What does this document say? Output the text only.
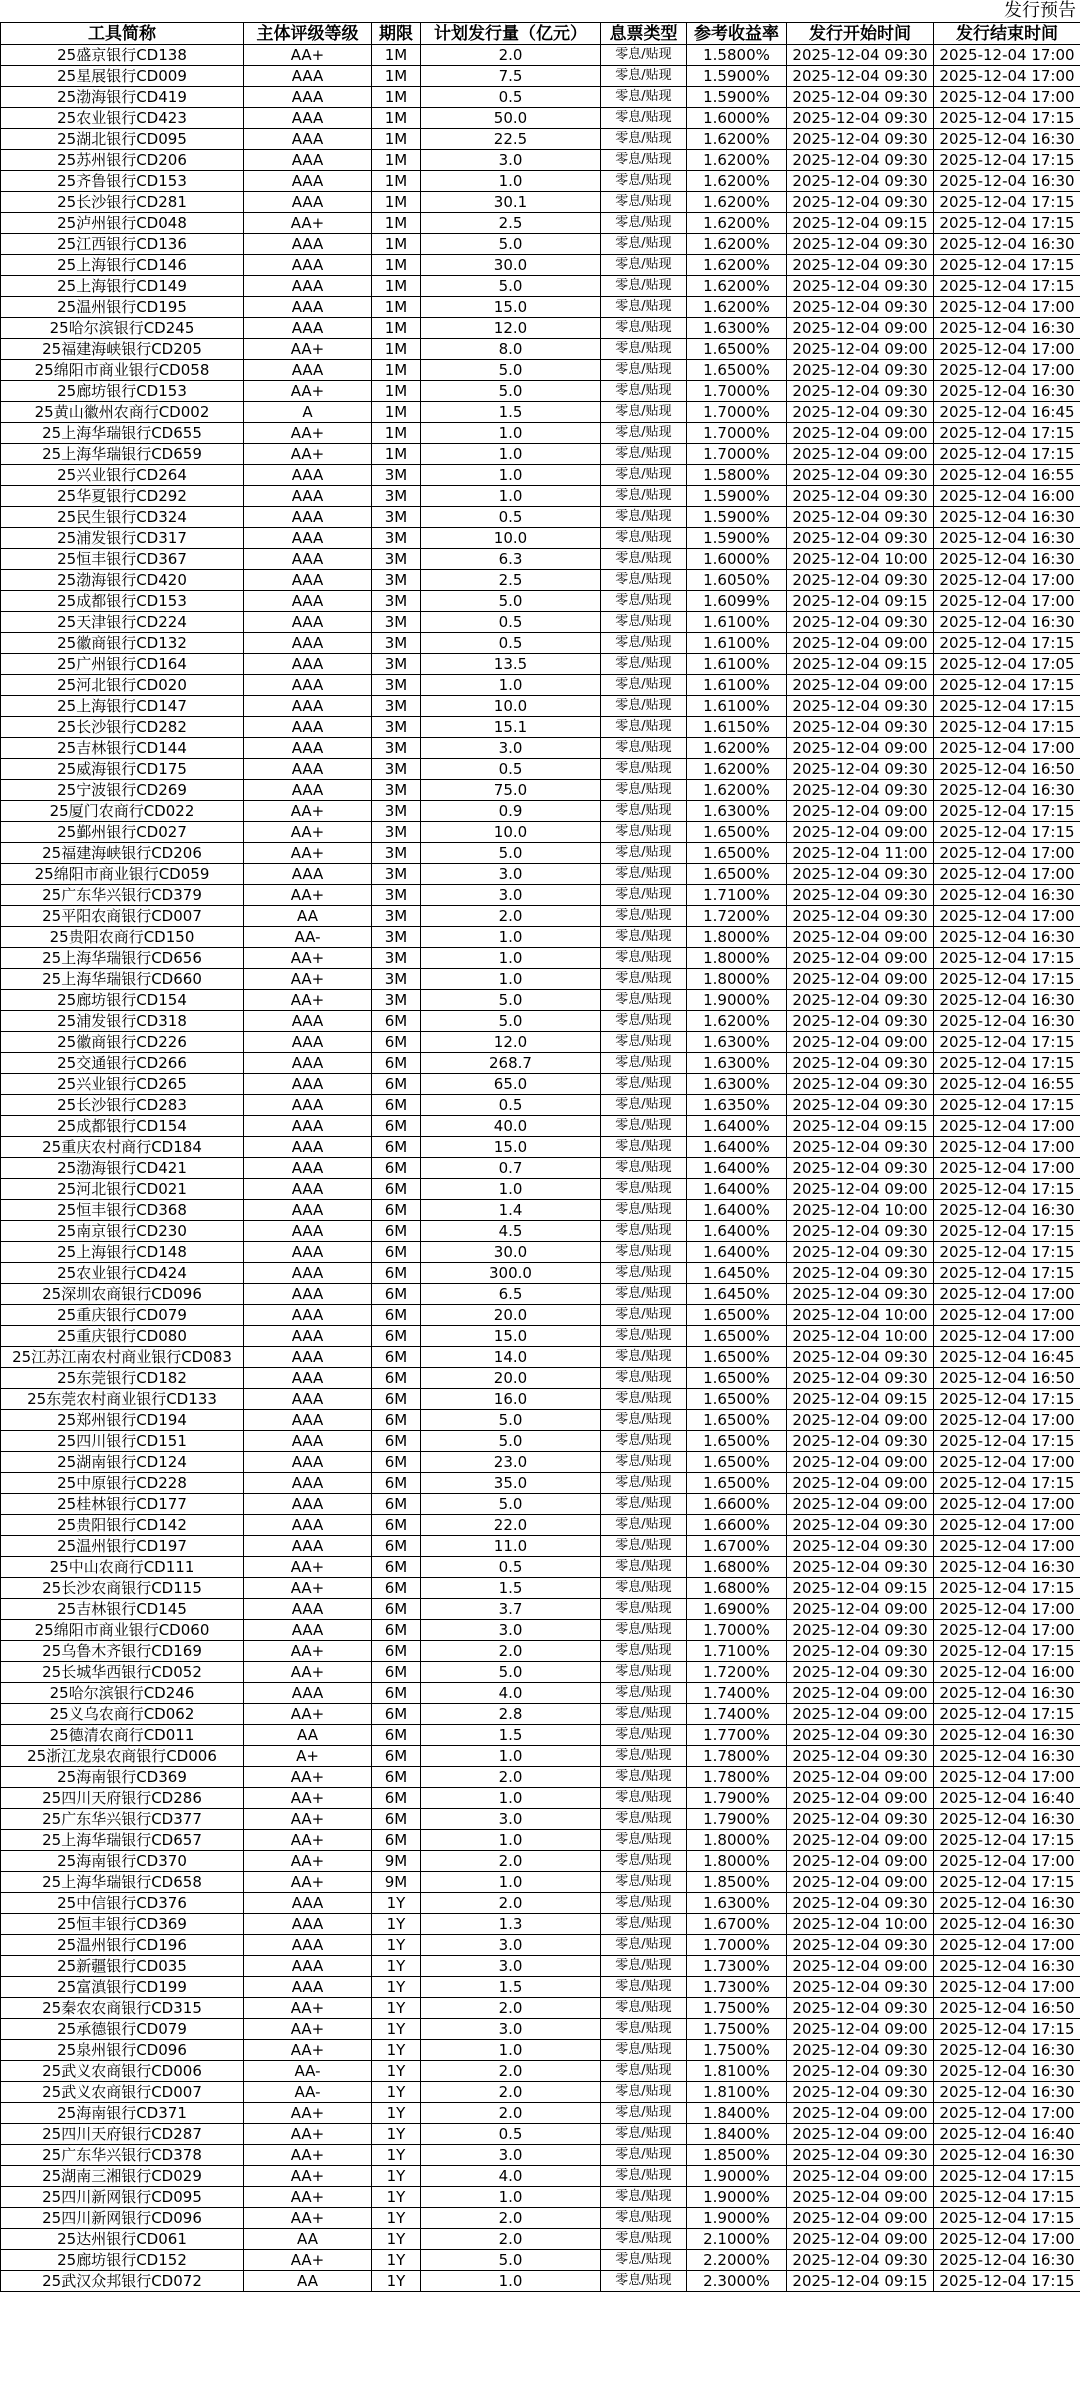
发行预告
工具简称	主体评级等级	期限	计划发行量（亿元）	息票类型	参考收益率	发行开始时间	发行结束时间
25盛京银行CD138	AA+	1M	2.0	零息/贴现	1.5800%	2025-12-04 09:30	2025-12-04 17:00
25星展银行CD009	AAA	1M	7.5	零息/贴现	1.5900%	2025-12-04 09:30	2025-12-04 17:00
25渤海银行CD419	AAA	1M	0.5	零息/贴现	1.5900%	2025-12-04 09:30	2025-12-04 17:00
25农业银行CD423	AAA	1M	50.0	零息/贴现	1.6000%	2025-12-04 09:30	2025-12-04 17:15
25湖北银行CD095	AAA	1M	22.5	零息/贴现	1.6200%	2025-12-04 09:30	2025-12-04 16:30
25苏州银行CD206	AAA	1M	3.0	零息/贴现	1.6200%	2025-12-04 09:30	2025-12-04 17:15
25齐鲁银行CD153	AAA	1M	1.0	零息/贴现	1.6200%	2025-12-04 09:30	2025-12-04 16:30
25长沙银行CD281	AAA	1M	30.1	零息/贴现	1.6200%	2025-12-04 09:30	2025-12-04 17:15
25泸州银行CD048	AA+	1M	2.5	零息/贴现	1.6200%	2025-12-04 09:15	2025-12-04 17:15
25江西银行CD136	AAA	1M	5.0	零息/贴现	1.6200%	2025-12-04 09:30	2025-12-04 16:30
25上海银行CD146	AAA	1M	30.0	零息/贴现	1.6200%	2025-12-04 09:30	2025-12-04 17:15
25上海银行CD149	AAA	1M	5.0	零息/贴现	1.6200%	2025-12-04 09:30	2025-12-04 17:15
25温州银行CD195	AAA	1M	15.0	零息/贴现	1.6200%	2025-12-04 09:30	2025-12-04 17:00
25哈尔滨银行CD245	AAA	1M	12.0	零息/贴现	1.6300%	2025-12-04 09:00	2025-12-04 16:30
25福建海峡银行CD205	AA+	1M	8.0	零息/贴现	1.6500%	2025-12-04 09:00	2025-12-04 17:00
25绵阳市商业银行CD058	AAA	1M	5.0	零息/贴现	1.6500%	2025-12-04 09:30	2025-12-04 17:00
25廊坊银行CD153	AA+	1M	5.0	零息/贴现	1.7000%	2025-12-04 09:30	2025-12-04 16:30
25黄山徽州农商行CD002	A	1M	1.5	零息/贴现	1.7000%	2025-12-04 09:30	2025-12-04 16:45
25上海华瑞银行CD655	AA+	1M	1.0	零息/贴现	1.7000%	2025-12-04 09:00	2025-12-04 17:15
25上海华瑞银行CD659	AA+	1M	1.0	零息/贴现	1.7000%	2025-12-04 09:00	2025-12-04 17:15
25兴业银行CD264	AAA	3M	1.0	零息/贴现	1.5800%	2025-12-04 09:30	2025-12-04 16:55
25华夏银行CD292	AAA	3M	1.0	零息/贴现	1.5900%	2025-12-04 09:30	2025-12-04 16:00
25民生银行CD324	AAA	3M	0.5	零息/贴现	1.5900%	2025-12-04 09:30	2025-12-04 16:30
25浦发银行CD317	AAA	3M	10.0	零息/贴现	1.5900%	2025-12-04 09:30	2025-12-04 16:30
25恒丰银行CD367	AAA	3M	6.3	零息/贴现	1.6000%	2025-12-04 10:00	2025-12-04 16:30
25渤海银行CD420	AAA	3M	2.5	零息/贴现	1.6050%	2025-12-04 09:30	2025-12-04 17:00
25成都银行CD153	AAA	3M	5.0	零息/贴现	1.6099%	2025-12-04 09:15	2025-12-04 17:00
25天津银行CD224	AAA	3M	0.5	零息/贴现	1.6100%	2025-12-04 09:30	2025-12-04 16:30
25徽商银行CD132	AAA	3M	0.5	零息/贴现	1.6100%	2025-12-04 09:00	2025-12-04 17:15
25广州银行CD164	AAA	3M	13.5	零息/贴现	1.6100%	2025-12-04 09:15	2025-12-04 17:05
25河北银行CD020	AAA	3M	1.0	零息/贴现	1.6100%	2025-12-04 09:00	2025-12-04 17:15
25上海银行CD147	AAA	3M	10.0	零息/贴现	1.6100%	2025-12-04 09:30	2025-12-04 17:15
25长沙银行CD282	AAA	3M	15.1	零息/贴现	1.6150%	2025-12-04 09:30	2025-12-04 17:15
25吉林银行CD144	AAA	3M	3.0	零息/贴现	1.6200%	2025-12-04 09:00	2025-12-04 17:00
25威海银行CD175	AAA	3M	0.5	零息/贴现	1.6200%	2025-12-04 09:30	2025-12-04 16:50
25宁波银行CD269	AAA	3M	75.0	零息/贴现	1.6200%	2025-12-04 09:30	2025-12-04 16:30
25厦门农商行CD022	AA+	3M	0.9	零息/贴现	1.6300%	2025-12-04 09:00	2025-12-04 17:15
25鄞州银行CD027	AA+	3M	10.0	零息/贴现	1.6500%	2025-12-04 09:00	2025-12-04 17:15
25福建海峡银行CD206	AA+	3M	5.0	零息/贴现	1.6500%	2025-12-04 11:00	2025-12-04 17:00
25绵阳市商业银行CD059	AAA	3M	3.0	零息/贴现	1.6500%	2025-12-04 09:30	2025-12-04 17:00
25广东华兴银行CD379	AA+	3M	3.0	零息/贴现	1.7100%	2025-12-04 09:30	2025-12-04 16:30
25平阳农商银行CD007	AA	3M	2.0	零息/贴现	1.7200%	2025-12-04 09:30	2025-12-04 17:00
25贵阳农商行CD150	AA-	3M	1.0	零息/贴现	1.8000%	2025-12-04 09:00	2025-12-04 16:30
25上海华瑞银行CD656	AA+	3M	1.0	零息/贴现	1.8000%	2025-12-04 09:00	2025-12-04 17:15
25上海华瑞银行CD660	AA+	3M	1.0	零息/贴现	1.8000%	2025-12-04 09:00	2025-12-04 17:15
25廊坊银行CD154	AA+	3M	5.0	零息/贴现	1.9000%	2025-12-04 09:30	2025-12-04 16:30
25浦发银行CD318	AAA	6M	5.0	零息/贴现	1.6200%	2025-12-04 09:30	2025-12-04 16:30
25徽商银行CD226	AAA	6M	12.0	零息/贴现	1.6300%	2025-12-04 09:00	2025-12-04 17:15
25交通银行CD266	AAA	6M	268.7	零息/贴现	1.6300%	2025-12-04 09:30	2025-12-04 17:15
25兴业银行CD265	AAA	6M	65.0	零息/贴现	1.6300%	2025-12-04 09:30	2025-12-04 16:55
25长沙银行CD283	AAA	6M	0.5	零息/贴现	1.6350%	2025-12-04 09:30	2025-12-04 17:15
25成都银行CD154	AAA	6M	40.0	零息/贴现	1.6400%	2025-12-04 09:15	2025-12-04 17:00
25重庆农村商行CD184	AAA	6M	15.0	零息/贴现	1.6400%	2025-12-04 09:30	2025-12-04 17:00
25渤海银行CD421	AAA	6M	0.7	零息/贴现	1.6400%	2025-12-04 09:30	2025-12-04 17:00
25河北银行CD021	AAA	6M	1.0	零息/贴现	1.6400%	2025-12-04 09:00	2025-12-04 17:15
25恒丰银行CD368	AAA	6M	1.4	零息/贴现	1.6400%	2025-12-04 10:00	2025-12-04 16:30
25南京银行CD230	AAA	6M	4.5	零息/贴现	1.6400%	2025-12-04 09:30	2025-12-04 17:15
25上海银行CD148	AAA	6M	30.0	零息/贴现	1.6400%	2025-12-04 09:30	2025-12-04 17:15
25农业银行CD424	AAA	6M	300.0	零息/贴现	1.6450%	2025-12-04 09:30	2025-12-04 17:15
25深圳农商银行CD096	AAA	6M	6.5	零息/贴现	1.6450%	2025-12-04 09:30	2025-12-04 17:00
25重庆银行CD079	AAA	6M	20.0	零息/贴现	1.6500%	2025-12-04 10:00	2025-12-04 17:00
25重庆银行CD080	AAA	6M	15.0	零息/贴现	1.6500%	2025-12-04 10:00	2025-12-04 17:00
25江苏江南农村商业银行CD083	AAA	6M	14.0	零息/贴现	1.6500%	2025-12-04 09:30	2025-12-04 16:45
25东莞银行CD182	AAA	6M	20.0	零息/贴现	1.6500%	2025-12-04 09:30	2025-12-04 16:50
25东莞农村商业银行CD133	AAA	6M	16.0	零息/贴现	1.6500%	2025-12-04 09:15	2025-12-04 17:15
25郑州银行CD194	AAA	6M	5.0	零息/贴现	1.6500%	2025-12-04 09:00	2025-12-04 17:00
25四川银行CD151	AAA	6M	5.0	零息/贴现	1.6500%	2025-12-04 09:30	2025-12-04 17:15
25湖南银行CD124	AAA	6M	23.0	零息/贴现	1.6500%	2025-12-04 09:00	2025-12-04 17:00
25中原银行CD228	AAA	6M	35.0	零息/贴现	1.6500%	2025-12-04 09:00	2025-12-04 17:15
25桂林银行CD177	AAA	6M	5.0	零息/贴现	1.6600%	2025-12-04 09:00	2025-12-04 17:00
25贵阳银行CD142	AAA	6M	22.0	零息/贴现	1.6600%	2025-12-04 09:30	2025-12-04 17:00
25温州银行CD197	AAA	6M	11.0	零息/贴现	1.6700%	2025-12-04 09:30	2025-12-04 17:00
25中山农商行CD111	AA+	6M	0.5	零息/贴现	1.6800%	2025-12-04 09:30	2025-12-04 16:30
25长沙农商银行CD115	AA+	6M	1.5	零息/贴现	1.6800%	2025-12-04 09:15	2025-12-04 17:15
25吉林银行CD145	AAA	6M	3.7	零息/贴现	1.6900%	2025-12-04 09:00	2025-12-04 17:00
25绵阳市商业银行CD060	AAA	6M	3.0	零息/贴现	1.7000%	2025-12-04 09:30	2025-12-04 17:00
25乌鲁木齐银行CD169	AA+	6M	2.0	零息/贴现	1.7100%	2025-12-04 09:30	2025-12-04 17:15
25长城华西银行CD052	AA+	6M	5.0	零息/贴现	1.7200%	2025-12-04 09:30	2025-12-04 16:00
25哈尔滨银行CD246	AAA	6M	4.0	零息/贴现	1.7400%	2025-12-04 09:00	2025-12-04 16:30
25义乌农商行CD062	AA+	6M	2.8	零息/贴现	1.7400%	2025-12-04 09:00	2025-12-04 17:15
25德清农商行CD011	AA	6M	1.5	零息/贴现	1.7700%	2025-12-04 09:30	2025-12-04 16:30
25浙江龙泉农商银行CD006	A+	6M	1.0	零息/贴现	1.7800%	2025-12-04 09:30	2025-12-04 16:30
25海南银行CD369	AA+	6M	2.0	零息/贴现	1.7800%	2025-12-04 09:00	2025-12-04 17:00
25四川天府银行CD286	AA+	6M	1.0	零息/贴现	1.7900%	2025-12-04 09:00	2025-12-04 16:40
25广东华兴银行CD377	AA+	6M	3.0	零息/贴现	1.7900%	2025-12-04 09:30	2025-12-04 16:30
25上海华瑞银行CD657	AA+	6M	1.0	零息/贴现	1.8000%	2025-12-04 09:00	2025-12-04 17:15
25海南银行CD370	AA+	9M	2.0	零息/贴现	1.8000%	2025-12-04 09:00	2025-12-04 17:00
25上海华瑞银行CD658	AA+	9M	1.0	零息/贴现	1.8500%	2025-12-04 09:00	2025-12-04 17:15
25中信银行CD376	AAA	1Y	2.0	零息/贴现	1.6300%	2025-12-04 09:30	2025-12-04 16:30
25恒丰银行CD369	AAA	1Y	1.3	零息/贴现	1.6700%	2025-12-04 10:00	2025-12-04 16:30
25温州银行CD196	AAA	1Y	3.0	零息/贴现	1.7000%	2025-12-04 09:30	2025-12-04 17:00
25新疆银行CD035	AAA	1Y	3.0	零息/贴现	1.7300%	2025-12-04 09:00	2025-12-04 16:30
25富滇银行CD199	AAA	1Y	1.5	零息/贴现	1.7300%	2025-12-04 09:30	2025-12-04 17:00
25秦农农商银行CD315	AA+	1Y	2.0	零息/贴现	1.7500%	2025-12-04 09:30	2025-12-04 16:50
25承德银行CD079	AA+	1Y	3.0	零息/贴现	1.7500%	2025-12-04 09:00	2025-12-04 17:15
25泉州银行CD096	AA+	1Y	1.0	零息/贴现	1.7500%	2025-12-04 09:30	2025-12-04 16:30
25武义农商银行CD006	AA-	1Y	2.0	零息/贴现	1.8100%	2025-12-04 09:30	2025-12-04 16:30
25武义农商银行CD007	AA-	1Y	2.0	零息/贴现	1.8100%	2025-12-04 09:30	2025-12-04 16:30
25海南银行CD371	AA+	1Y	2.0	零息/贴现	1.8400%	2025-12-04 09:00	2025-12-04 17:00
25四川天府银行CD287	AA+	1Y	0.5	零息/贴现	1.8400%	2025-12-04 09:00	2025-12-04 16:40
25广东华兴银行CD378	AA+	1Y	3.0	零息/贴现	1.8500%	2025-12-04 09:30	2025-12-04 16:30
25湖南三湘银行CD029	AA+	1Y	4.0	零息/贴现	1.9000%	2025-12-04 09:00	2025-12-04 17:15
25四川新网银行CD095	AA+	1Y	1.0	零息/贴现	1.9000%	2025-12-04 09:00	2025-12-04 17:15
25四川新网银行CD096	AA+	1Y	2.0	零息/贴现	1.9000%	2025-12-04 09:00	2025-12-04 17:15
25达州银行CD061	AA	1Y	2.0	零息/贴现	2.1000%	2025-12-04 09:00	2025-12-04 17:00
25廊坊银行CD152	AA+	1Y	5.0	零息/贴现	2.2000%	2025-12-04 09:30	2025-12-04 16:30
25武汉众邦银行CD072	AA	1Y	1.0	零息/贴现	2.3000%	2025-12-04 09:15	2025-12-04 17:15
